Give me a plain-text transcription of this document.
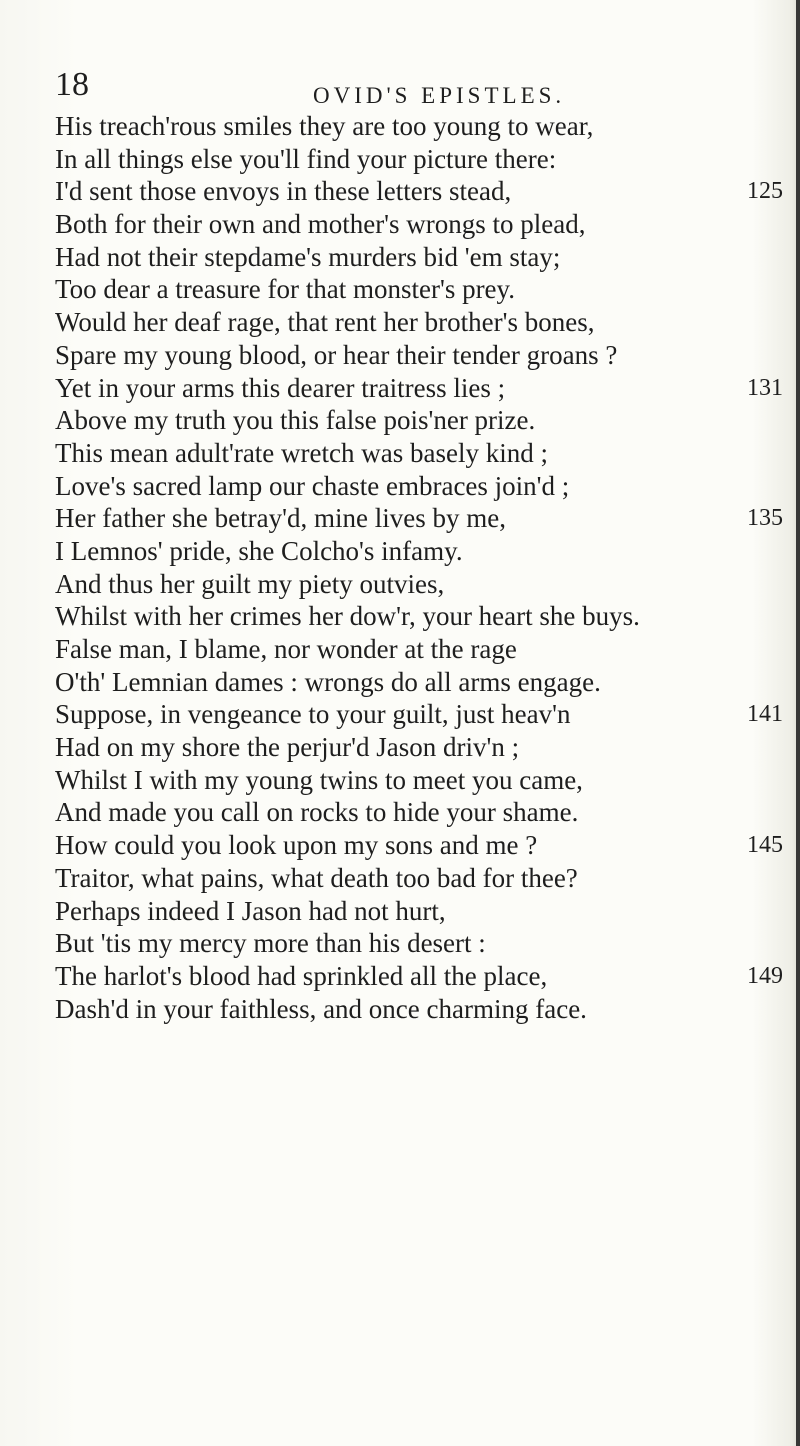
18	OVID'S EPISTLES.
His treach'rous smiles they are too young to wear,
In all things else you'll find your picture there:
I'd sent those envoys in these letters stead,	125
Both for their own and mother's wrongs to plead,
Had not their stepdame's murders bid 'em stay;
Too dear a treasure for that monster's prey.
Would her deaf rage, that rent her brother's bones,
Spare my young blood, or hear their tender groans ?
Yet in your arms this dearer traitress lies ;	131
Above my truth you this false pois'ner prize.
This mean adult'rate wretch was basely kind ;
Love's sacred lamp our chaste embraces join'd ;
Her father she betray'd, mine lives by me,	135
I Lemnos' pride, she Colcho's infamy.
And thus her guilt my piety outvies,
Whilst with her crimes her dow'r, your heart she buys.
False man, I blame, nor wonder at the rage
O'th' Lemnian dames : wrongs do all arms engage.
Suppose, in vengeance to your guilt, just heav'n	141
Had on my shore the perjur'd Jason driv'n ;
Whilst I with my young twins to meet you came,
And made you call on rocks to hide your shame.
How could you look upon my sons and me ?	145
Traitor, what pains, what death too bad for thee?
Perhaps indeed I Jason had not hurt,
But 'tis my mercy more than his desert :
The harlot's blood had sprinkled all the place,	149
Dash'd in your faithless, and once charming face.
